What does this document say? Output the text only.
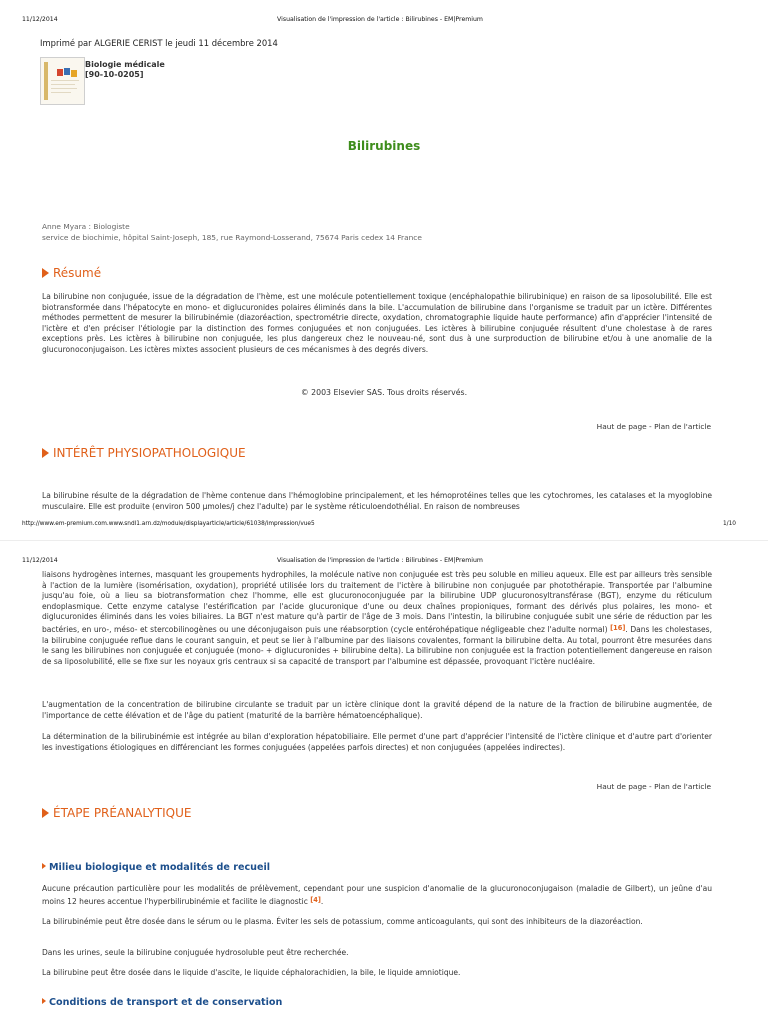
11/12/2014	Visualisation de l'impression de l'article : Bilirubines - EM|Premium
Imprimé par ALGERIE CERIST le jeudi 11 décembre 2014
Biologie médicale
[90-10-0205]
Bilirubines
Anne Myara : Biologiste
service de biochimie, hôpital Saint-Joseph, 185, rue Raymond-Losserand, 75674 Paris cedex 14 France
Résumé

La bilirubine non conjuguée, issue de la dégradation de l'hème, est une molécule potentiellement toxique (encéphalopathie bilirubinique) en raison de sa liposolubilité. Elle est biotransformée dans l'hépatocyte en mono- et diglucuronides polaires éliminés dans la bile. L'accumulation de bilirubine dans l'organisme se traduit par un ictère. Différentes méthodes permettent de mesurer la bilirubinémie (diazoréaction, spectrométrie directe, oxydation, chromatographie liquide haute performance) afin d'apprécier l'intensité de l'ictère et d'en préciser l'étiologie par la distinction des formes conjuguées et non conjuguées. Les ictères à bilirubine conjuguée résultent d'une cholestase à de rares exceptions près. Les ictères à bilirubine non conjuguée, les plus dangereux chez le nouveau-né, sont dus à une surproduction de bilirubine et/ou à une anomalie de la glucuronoconjugaison. Les ictères mixtes associent plusieurs de ces mécanismes à des degrés divers.

© 2003 Elsevier SAS. Tous droits réservés.
Haut de page - Plan de l'article
INTÉRÊT PHYSIOPATHOLOGIQUE

La bilirubine résulte de la dégradation de l'hème contenue dans l'hémoglobine principalement, et les hémoprotéines telles que les cytochromes, les catalases et la myoglobine musculaire. Elle est produite (environ 500 µmoles/j chez l'adulte) par le système réticuloendothélial. En raison de nombreuses

http://www.em-premium.com.www.sndl1.arn.dz/module/displayarticle/article/61038/impression/vue5	1/10
11/12/2014	Visualisation de l'impression de l'article : Bilirubines - EM|Premium

liaisons hydrogènes internes, masquant les groupements hydrophiles, la molécule native non conjuguée est très peu soluble en milieu aqueux. Elle est par ailleurs très sensible à l'action de la lumière (isomérisation, oxydation), propriété utilisée lors du traitement de l'ictère à bilirubine non conjuguée par photothérapie. Transportée par l'albumine jusqu'au foie, où a lieu sa biotransformation chez l'homme, elle est glucuronoconjuguée par la bilirubine UDP glucuronosyltransférase (BGT), enzyme du réticulum endoplasmique. Cette enzyme catalyse l'estérification par l'acide glucuronique d'une ou deux chaînes propioniques, formant des dérivés plus polaires, les mono- et diglucuronides éliminés dans les voies biliaires. La BGT n'est mature qu'à partir de l'âge de 3 mois. Dans l'intestin, la bilirubine conjuguée subit une série de réduction par les bactéries, en uro-, méso- et stercobilinogènes ou une déconjugaison puis une réabsorption (cycle entérohépatique négligeable chez l'adulte normal) [16]. Dans les cholestases, la bilirubine conjuguée reflue dans le courant sanguin, et peut se lier à l'albumine par des liaisons covalentes, formant la bilirubine delta. Au total, pourront être mesurées dans le sang les bilirubines non conjuguée et conjuguée (mono- + diglucuronides + bilirubine delta). La bilirubine non conjuguée est la fraction potentiellement dangereuse en raison de sa liposolubilité, elle se fixe sur les noyaux gris centraux si sa capacité de transport par l'albumine est dépassée, provoquant l'ictère nucléaire.

L'augmentation de la concentration de bilirubine circulante se traduit par un ictère clinique dont la gravité dépend de la nature de la fraction de bilirubine augmentée, de l'importance de cette élévation et de l'âge du patient (maturité de la barrière hématoencéphalique).

La détermination de la bilirubinémie est intégrée au bilan d'exploration hépatobiliaire. Elle permet d'une part d'apprécier l'intensité de l'ictère clinique et d'autre part d'orienter les investigations étiologiques en différenciant les formes conjuguées (appelées parfois directes) et non conjuguées (appelées indirectes).

Haut de page - Plan de l'article
ÉTAPE PRÉANALYTIQUE
Milieu biologique et modalités de recueil

Aucune précaution particulière pour les modalités de prélèvement, cependant pour une suspicion d'anomalie de la glucuronoconjugaison (maladie de Gilbert), un jeûne d'au moins 12 heures accentue l'hyperbilirubinémie et facilite le diagnostic [4].

La bilirubinémie peut être dosée dans le sérum ou le plasma. Éviter les sels de potassium, comme anticoagulants, qui sont des inhibiteurs de la diazoréaction.

Dans les urines, seule la bilirubine conjuguée hydrosoluble peut être recherchée.

La bilirubine peut être dosée dans le liquide d'ascite, le liquide céphalorachidien, la bile, le liquide amniotique.

Conditions de transport et de conservation
